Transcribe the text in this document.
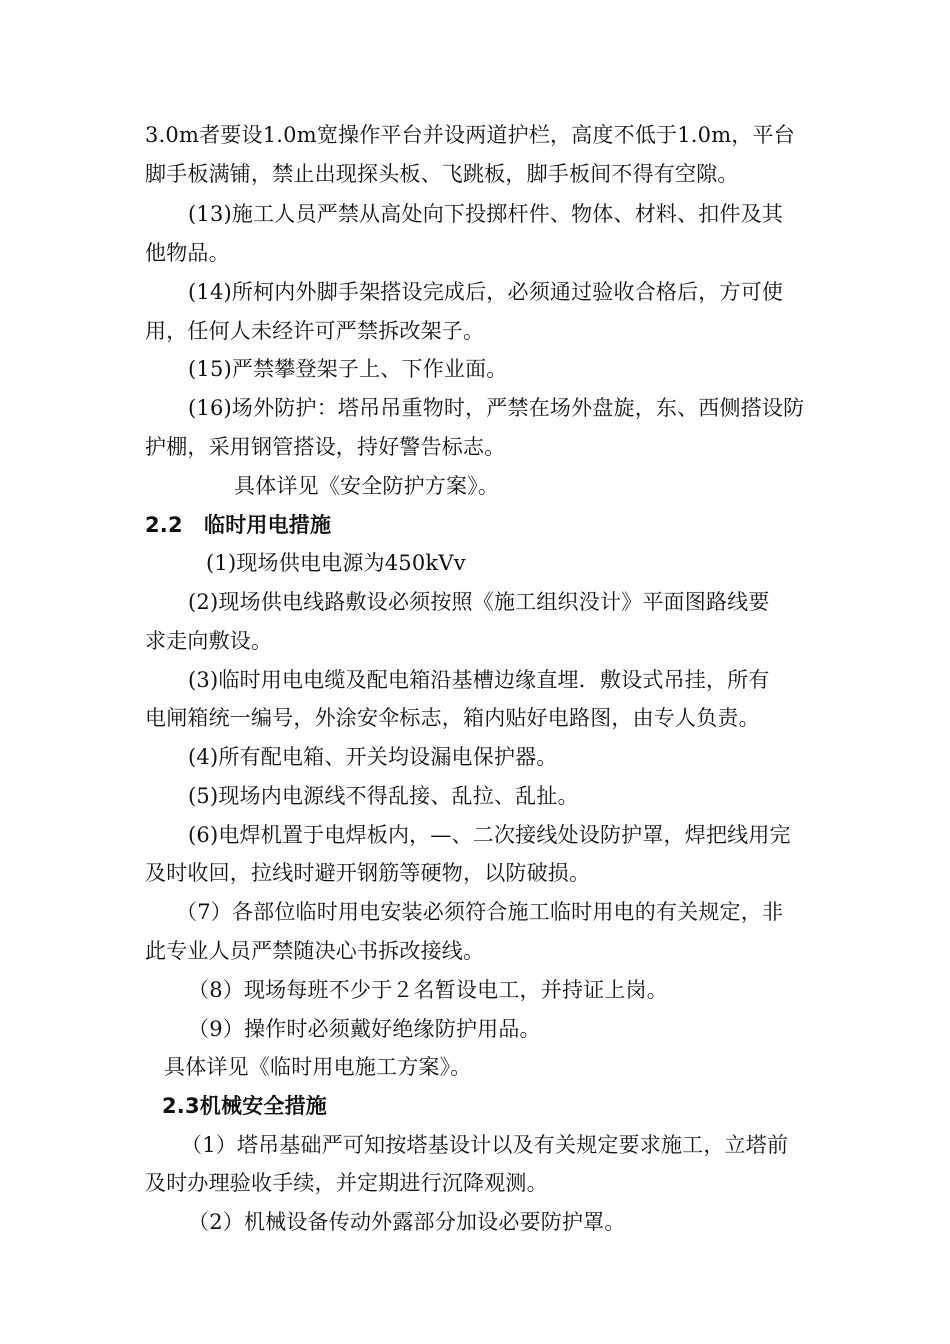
3.0m者要设1.0m宽操作平台并设两道护栏，高度不低于1.0m，平台
脚手板满铺，禁止出现探头板、飞跳板，脚手板间不得有空隙。
(13)施工人员严禁从高处向下投掷杆件、物体、材料、扣件及其
他物品。
(14)所柯内外脚手架搭设完成后，必须通过验收合格后，方可使
用，任何人未经许可严禁拆改架子。
(15)严禁攀登架子上、下作业面。
(16)场外防护：塔吊吊重物时，严禁在场外盘旋，东、西侧搭设防
护棚，采用钢管搭设，持好警告标志。
具体详见《安全防护方案》。
2.2　临时用电措施
(1)现场供电电源为450kVv
(2)现场供电线路敷设必须按照《施工组织没计》平面图路线要
求走向敷设。
(3)临时用电电缆及配电箱沿基槽边缘直埋．敷设式吊挂，所有
电闸箱统一编号，外涂安伞标志，箱内贴好电路图，由专人负责。
(4)所有配电箱、开关均设漏电保护器。
(5)现场内电源线不得乱接、乱拉、乱扯。
(6)电焊机置于电焊板内，—、二次接线处设防护罩，焊把线用完
及时收回，拉线时避开钢筋等硬物，以防破损。
（7）各部位临时用电安装必须符合施工临时用电的有关规定，非
此专业人员严禁随决心书拆改接线。
（8）现场每班不少于２名暂设电工，并持证上岗。
（9）操作时必须戴好绝缘防护用品。
具体详见《临时用电施工方案》。
2.3机械安全措施
（1）塔吊基础严可知按塔基设计以及有关规定要求施工，立塔前
及时办理验收手续，并定期进行沉降观测。
（2）机械设备传动外露部分加设必要防护罩。
